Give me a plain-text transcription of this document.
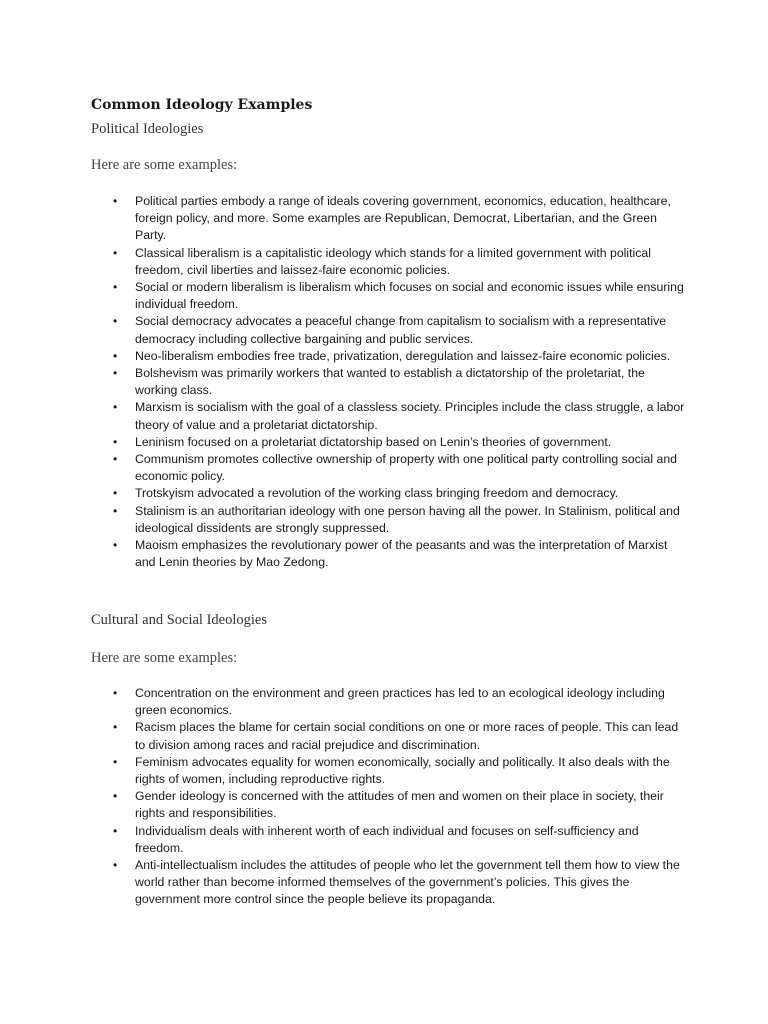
Common Ideology Examples
Political Ideologies

Here are some examples:

•	Political parties embody a range of ideals covering government, economics, education, healthcare, foreign policy, and more. Some examples are Republican, Democrat, Libertarian, and the Green Party.
•	Classical liberalism is a capitalistic ideology which stands for a limited government with political freedom, civil liberties and laissez-faire economic policies.
•	Social or modern liberalism is liberalism which focuses on social and economic issues while ensuring individual freedom.
•	Social democracy advocates a peaceful change from capitalism to socialism with a representative democracy including collective bargaining and public services.
•	Neo-liberalism embodies free trade, privatization, deregulation and laissez-faire economic policies.
•	Bolshevism was primarily workers that wanted to establish a dictatorship of the proletariat, the working class.
•	Marxism is socialism with the goal of a classless society. Principles include the class struggle, a labor theory of value and a proletariat dictatorship.
•	Leninism focused on a proletariat dictatorship based on Lenin’s theories of government.
•	Communism promotes collective ownership of property with one political party controlling social and economic policy.
•	Trotskyism advocated a revolution of the working class bringing freedom and democracy.
•	Stalinism is an authoritarian ideology with one person having all the power. In Stalinism, political and ideological dissidents are strongly suppressed.
•	Maoism emphasizes the revolutionary power of the peasants and was the interpretation of Marxist and Lenin theories by Mao Zedong.
Cultural and Social Ideologies

Here are some examples:

•	Concentration on the environment and green practices has led to an ecological ideology including green economics.
•	Racism places the blame for certain social conditions on one or more races of people. This can lead to division among races and racial prejudice and discrimination.
•	Feminism advocates equality for women economically, socially and politically. It also deals with the rights of women, including reproductive rights.
•	Gender ideology is concerned with the attitudes of men and women on their place in society, their rights and responsibilities.
•	Individualism deals with inherent worth of each individual and focuses on self-sufficiency and freedom.
•	Anti-intellectualism includes the attitudes of people who let the government tell them how to view the world rather than become informed themselves of the government’s policies. This gives the government more control since the people believe its propaganda.
